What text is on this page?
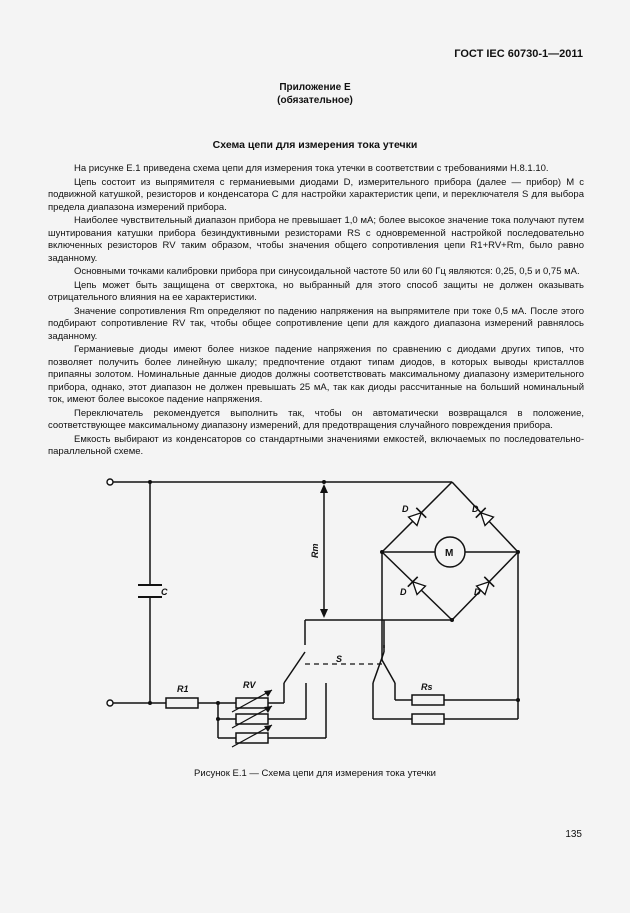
ГОСТ IEC 60730-1—2011
Приложение Е
(обязательное)
Схема цепи для измерения тока утечки

На рисунке Е.1 приведена схема цепи для измерения тока утечки в соответствии с требованиями Н.8.1.10.

Цепь состоит из выпрямителя с германиевыми диодами D, измерительного прибора (далее — прибор) M с подвижной катушкой, резисторов и конденсатора C для настройки характеристик цепи, и переключателя S для выбора предела диапазона измерений прибора.

Наиболее чувствительный диапазон прибора не превышает 1,0 мА; более высокое значение тока получают путем шунтирования катушки прибора безиндуктивными резисторами RS с одновременной настройкой последовательно включенных резисторов RV таким образом, чтобы значения общего сопротивления цепи R1+RV+Rm, было равно заданному.

Основными точками калибровки прибора при синусоидальной частоте 50 или 60 Гц являются: 0,25, 0,5 и 0,75 мА.

Цепь может быть защищена от сверхтока, но выбранный для этого способ защиты не должен оказывать отрицательного влияния на ее характеристики.

Значение сопротивления Rm определяют по падению напряжения на выпрямителе при токе 0,5 мА. После этого подбирают сопротивление RV так, чтобы общее сопротивление цепи для каждого диапазона измерений равнялось заданному.

Германиевые диоды имеют более низкое падение напряжения по сравнению с диодами других типов, что позволяет получить более линейную шкалу; предпочтение отдают типам диодов, в которых выводы кристаллов припаяны золотом. Номинальные данные диодов должны соответствовать максимальному диапазону измерительного прибора, однако, этот диапазон не должен превышать 25 мА, так как диоды рассчитанные на больший номинальный ток, имеют более высокое падение напряжения.

Переключатель рекомендуется выполнить так, чтобы он автоматически возвращался в положение, соответствующее максимальному диапазону измерений, для предотвращения случайного повреждения прибора.

Емкость выбирают из конденсаторов со стандартными значениями емкостей, включаемых по последовательно-параллельной схеме.

C
R1	RV
Rm
S
Rs
D	D
D	D
M
Рисунок Е.1 — Схема цепи для измерения тока утечки
135
